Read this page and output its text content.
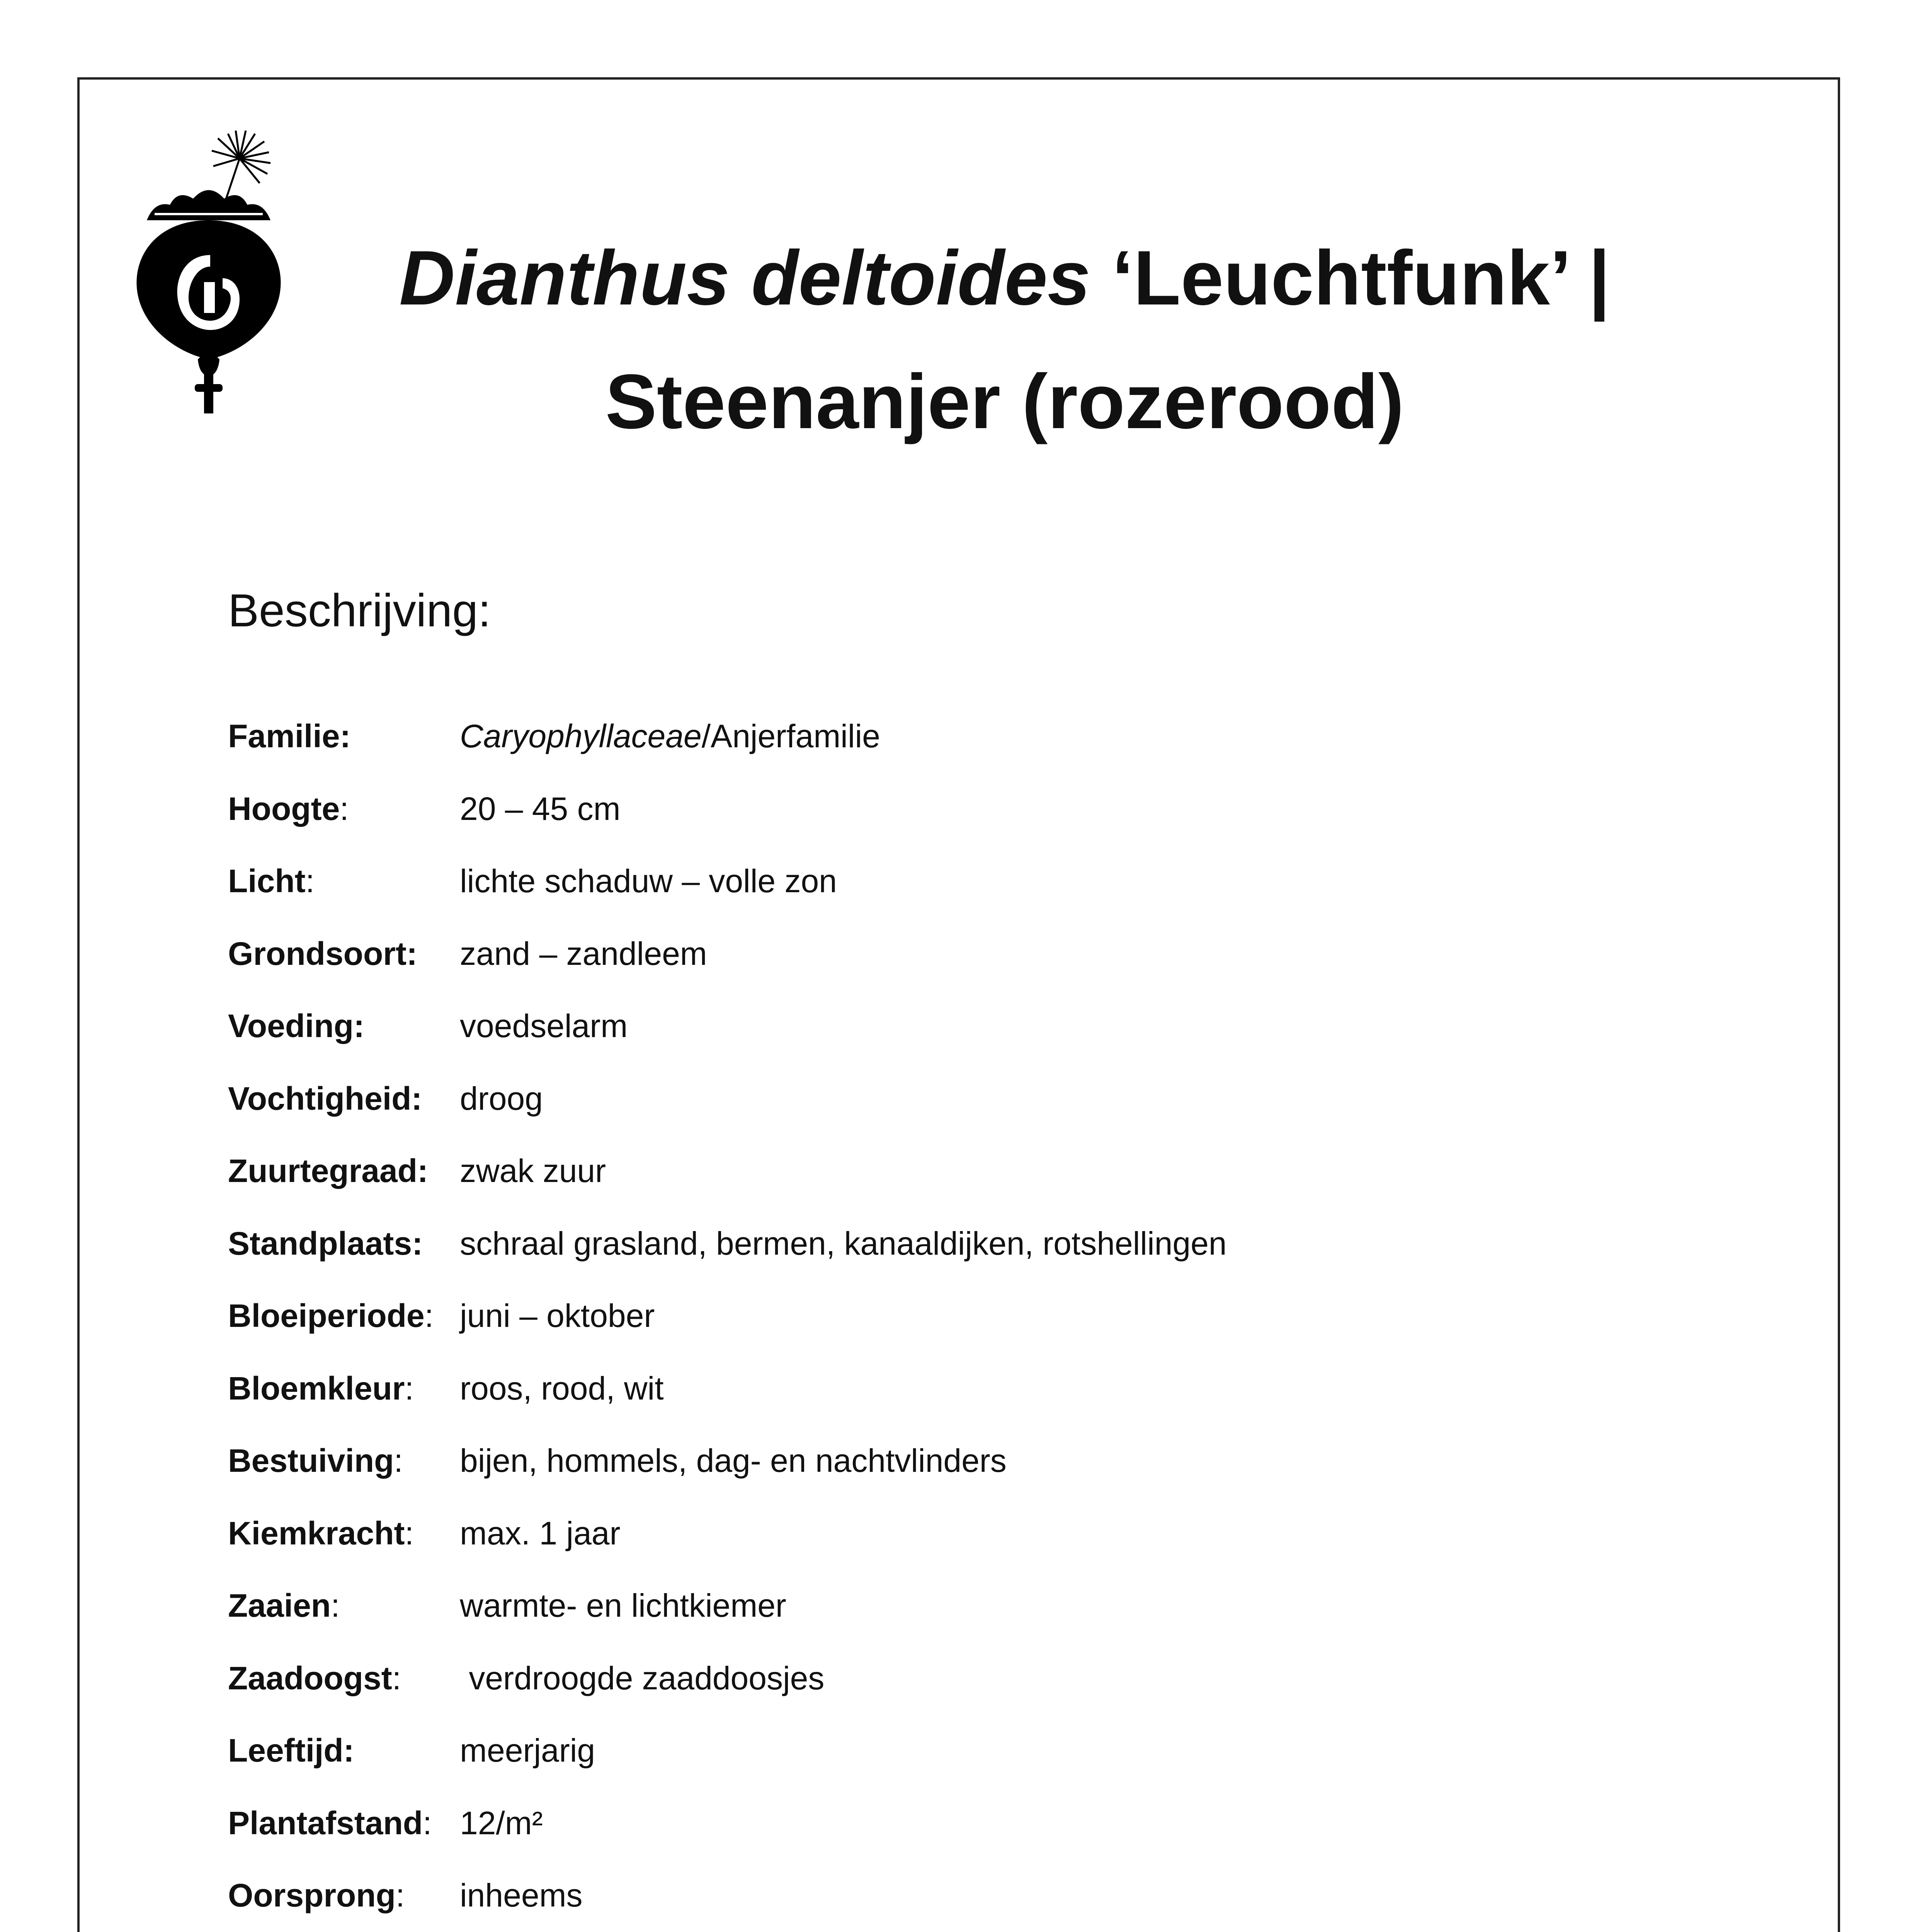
Dianthus deltoides ‘Leuchtfunk’ |
Steenanjer (rozerood)
Beschrijving:
Familie:	Caryophyllaceae/Anjerfamilie
Hoogte:	20 – 45 cm
Licht:	lichte schaduw – volle zon
Grondsoort: zand – zandleem
Voeding:	voedselarm
Vochtigheid: droog
Zuurtegraad: zwak zuur
Standplaats: schraal grasland, bermen, kanaaldijken, rotshellingen
Bloeiperiode: juni – oktober
Bloemkleur: roos, rood, wit
Bestuiving: bijen, hommels, dag- en nachtvlinders
Kiemkracht: max. 1 jaar
Zaaien:	warmte- en lichtkiemer
Zaadoogst: verdroogde zaaddoosjes
Leeftijd:	meerjarig
Plantafstand: 12/m²
Oorsprong: inheems
